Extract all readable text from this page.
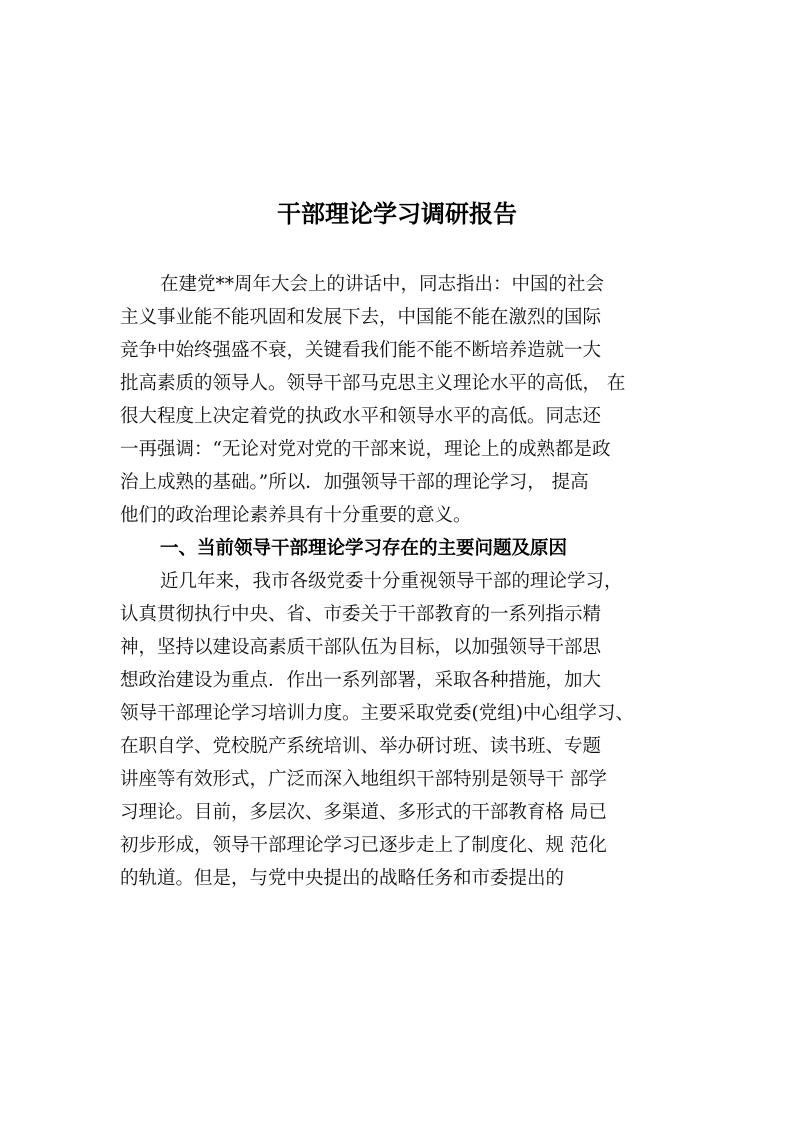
干部理论学习调研报告
在建党**周年大会上的讲话中，同志指出：中国的社会
主义事业能不能巩固和发展下去，中国能不能在激烈的国际
竞争中始终强盛不衰，关键看我们能不能不断培养造就一大
批高素质的领导人。领导干部马克思主义理论水平的高低， 在
很大程度上决定着党的执政水平和领导水平的高低。同志还
一再强调：“无论对党对党的干部来说，理论上的成熟都是政
治上成熟的基础。”所以．加强领导干部的理论学习， 提高
他们的政治理论素养具有十分重要的意义。
一、当前领导干部理论学习存在的主要问题及原因
近几年来，我市各级党委十分重视领导干部的理论学习，
认真贯彻执行中央、省、市委关于干部教育的一系列指示精
神，坚持以建设高素质干部队伍为目标，以加强领导干部思
想政治建设为重点．作出一系列部署，采取各种措施，加大
领导干部理论学习培训力度。主要采取党委(党组)中心组学习、
在职自学、党校脱产系统培训、举办研讨班、读书班、专题
讲座等有效形式，广泛而深入地组织干部特别是领导干 部学
习理论。目前，多层次、多渠道、多形式的干部教育格 局已
初步形成，领导干部理论学习已逐步走上了制度化、规 范化
的轨道。但是，与党中央提出的战略任务和市委提出的
